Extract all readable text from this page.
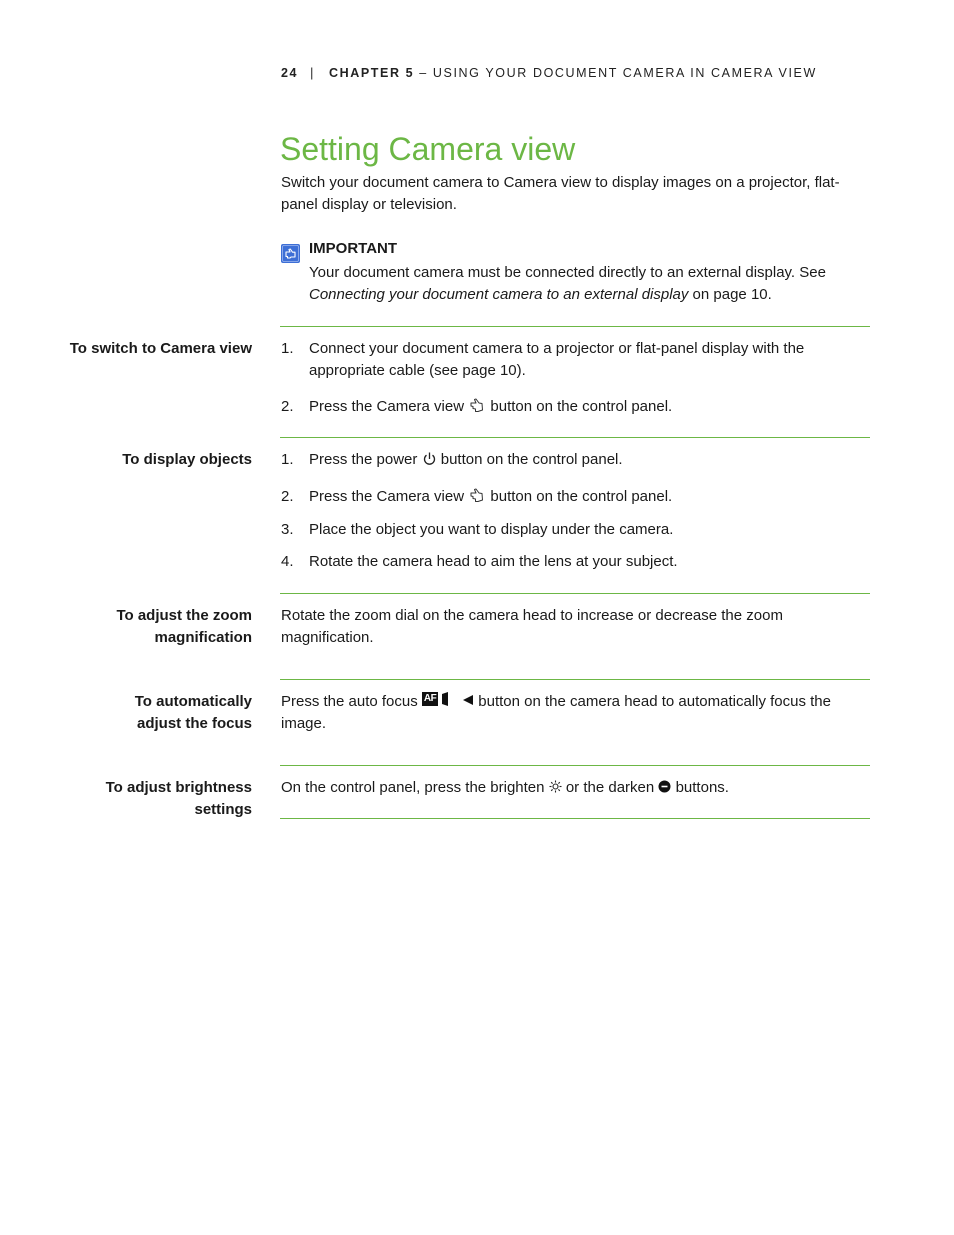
24 | CHAPTER 5 – USING YOUR DOCUMENT CAMERA IN CAMERA VIEW
Setting Camera view

Switch your document camera to Camera view to display images on a projector, flat-panel display or television.

IMPORTANT
Your document camera must be connected directly to an external display. See Connecting your document camera to an external display on page 10.
To switch to Camera view 1. Connect your document camera to a projector or flat-panel display with the appropriate cable (see page 10).
2. Press the Camera view button on the control panel.
To display objects 1. Press the power button on the control panel.
2. Press the Camera view button on the control panel.
3. Place the object you want to display under the camera.
4. Rotate the camera head to aim the lens at your subject.
To adjust the zoom
magnification
Rotate the zoom dial on the camera head to increase or decrease the zoom magnification.
To automatically
adjust the focus
Press the auto focus AF	button on the camera head to automatically focus the image.
To adjust brightness
settings
On the control panel, press the brighten or the darken buttons.
